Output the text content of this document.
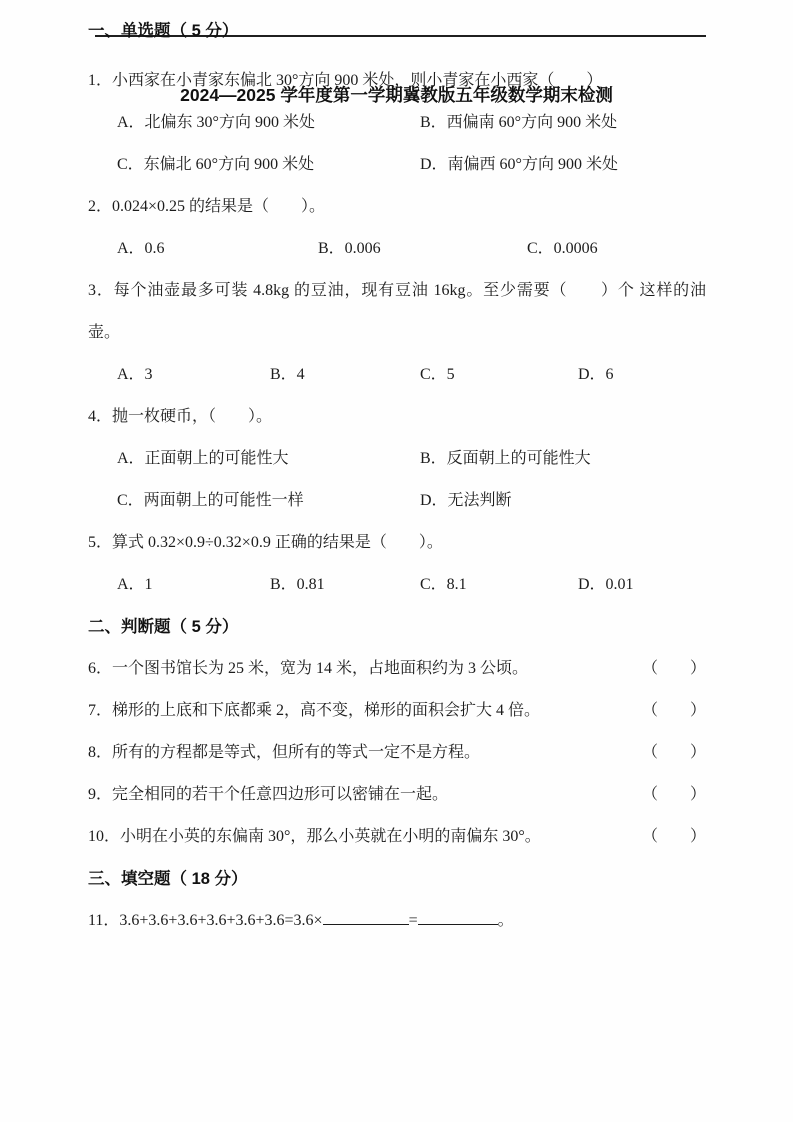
2024—2025 学年度第一学期冀教版五年级数学期末检测
一、单选题（ 5 分）
1．小西家在小青家东偏北 30°方向 900 米处，则小青家在小西家（　　）
A．北偏东 30°方向 900 米处	B．西偏南 60°方向 900 米处
C．东偏北 60°方向 900 米处	D．南偏西 60°方向 900 米处
2．0.024×0.25 的结果是（　　）。
A．0.6	B．0.006	C．0.0006
3．每个油壶最多可装 4.8kg 的豆油，现有豆油 16kg。至少需要（　　）个 这样的油壶。
A．3	B．4	C．5	D．6
4．抛一枚硬币，（　　）。
A．正面朝上的可能性大	B．反面朝上的可能性大
C．两面朝上的可能性一样	D．无法判断
5．算式 0.32×0.9÷0.32×0.9 正确的结果是（　　）。
A．1	B．0.81	C．8.1	D．0.01
二、判断题（ 5 分）
6．一个图书馆长为 25 米，宽为 14 米，占地面积约为 3 公顷。	（　　）
7．梯形的上底和下底都乘 2，高不变，梯形的面积会扩大 4 倍。	（　　）
8．所有的方程都是等式，但所有的等式一定不是方程。	（　　）
9．完全相同的若干个任意四边形可以密铺在一起。	（　　）
10．小明在小英的东偏南 30°，那么小英就在小明的南偏东 30°。	（　　）
三、填空题（ 18 分）
11．3.6+3.6+3.6+3.6+3.6+3.6=3.6×	=	。
